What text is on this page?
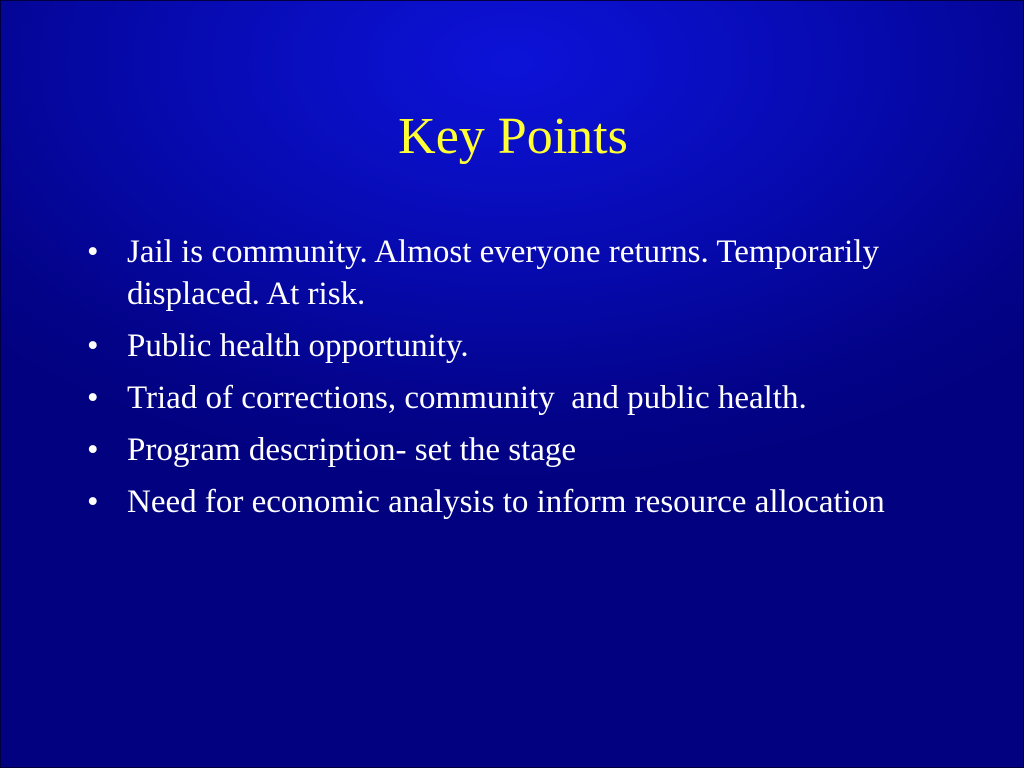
Key Points
• Jail is community. Almost everyone returns. Temporarily displaced. At risk.
• Public health opportunity.
• Triad of corrections, community  and public health.
• Program description- set the stage
• Need for economic analysis to inform resource allocation
